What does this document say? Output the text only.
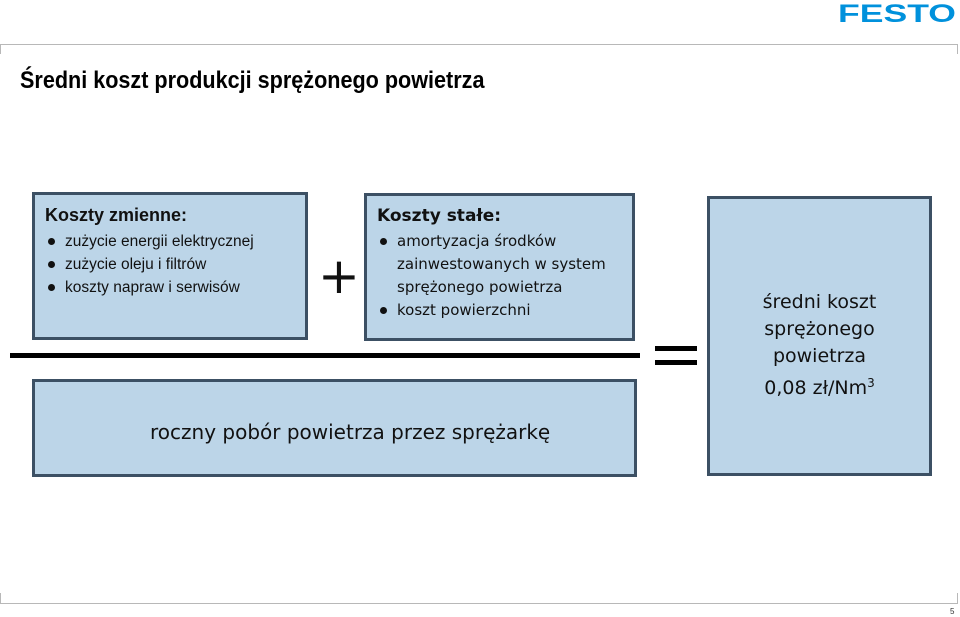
FESTO
Średni koszt produkcji sprężonego powietrza
Koszty zmienne:
zużycie energii elektrycznej
zużycie oleju i filtrów
koszty napraw i serwisów	+
Koszty stałe:
amortyzacja środków
zainwestowanych w system
sprężonego powietrza
koszt powierzchni
roczny pobór powietrza przez sprężarkę
średni koszt
sprężonego
powietrza
0,08 zł/Nm$^3$
5
